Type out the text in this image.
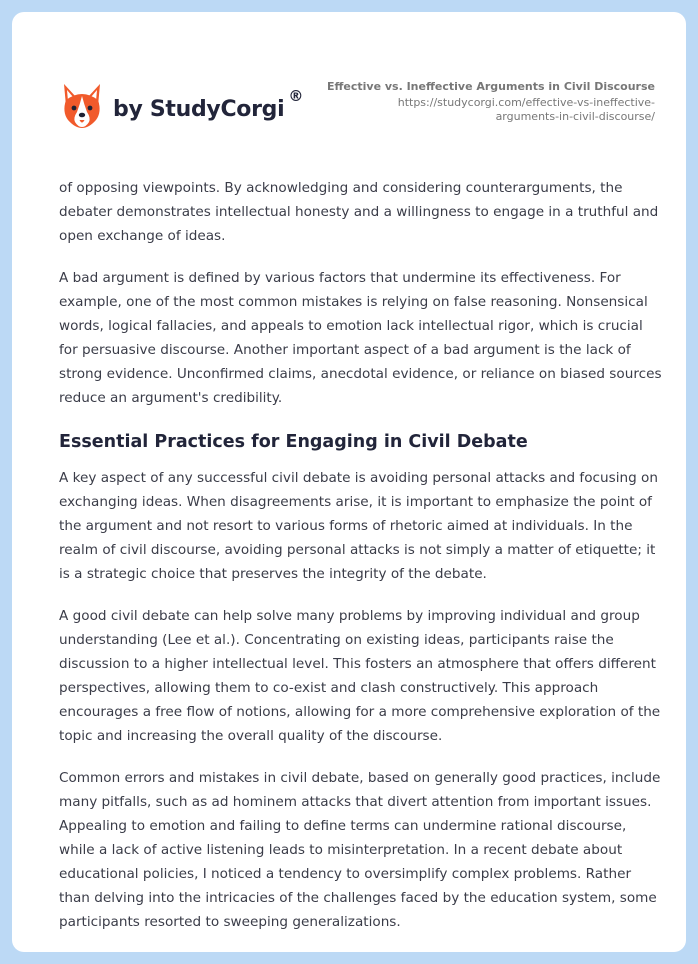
by StudyCorgi
®
Effective vs. Ineffective Arguments in Civil Discourse
https://studycorgi.com/effective-vs-ineffective-arguments-in-civil-discourse/

of opposing viewpoints. By acknowledging and considering counterarguments, the debater demonstrates intellectual honesty and a willingness to engage in a truthful and open exchange of ideas.

A bad argument is defined by various factors that undermine its effectiveness. For example, one of the most common mistakes is relying on false reasoning. Nonsensical words, logical fallacies, and appeals to emotion lack intellectual rigor, which is crucial for persuasive discourse. Another important aspect of a bad argument is the lack of strong evidence. Unconfirmed claims, anecdotal evidence, or reliance on biased sources reduce an argument's credibility.

Essential Practices for Engaging in Civil Debate

A key aspect of any successful civil debate is avoiding personal attacks and focusing on exchanging ideas. When disagreements arise, it is important to emphasize the point of the argument and not resort to various forms of rhetoric aimed at individuals. In the realm of civil discourse, avoiding personal attacks is not simply a matter of etiquette; it is a strategic choice that preserves the integrity of the debate.

A good civil debate can help solve many problems by improving individual and group understanding (Lee et al.). Concentrating on existing ideas, participants raise the discussion to a higher intellectual level. This fosters an atmosphere that offers different perspectives, allowing them to co-exist and clash constructively. This approach encourages a free flow of notions, allowing for a more comprehensive exploration of the topic and increasing the overall quality of the discourse.

Common errors and mistakes in civil debate, based on generally good practices, include many pitfalls, such as ad hominem attacks that divert attention from important issues. Appealing to emotion and failing to define terms can undermine rational discourse, while a lack of active listening leads to misinterpretation. In a recent debate about educational policies, I noticed a tendency to oversimplify complex problems. Rather than delving into the intricacies of the challenges faced by the education system, some participants resorted to sweeping generalizations.
